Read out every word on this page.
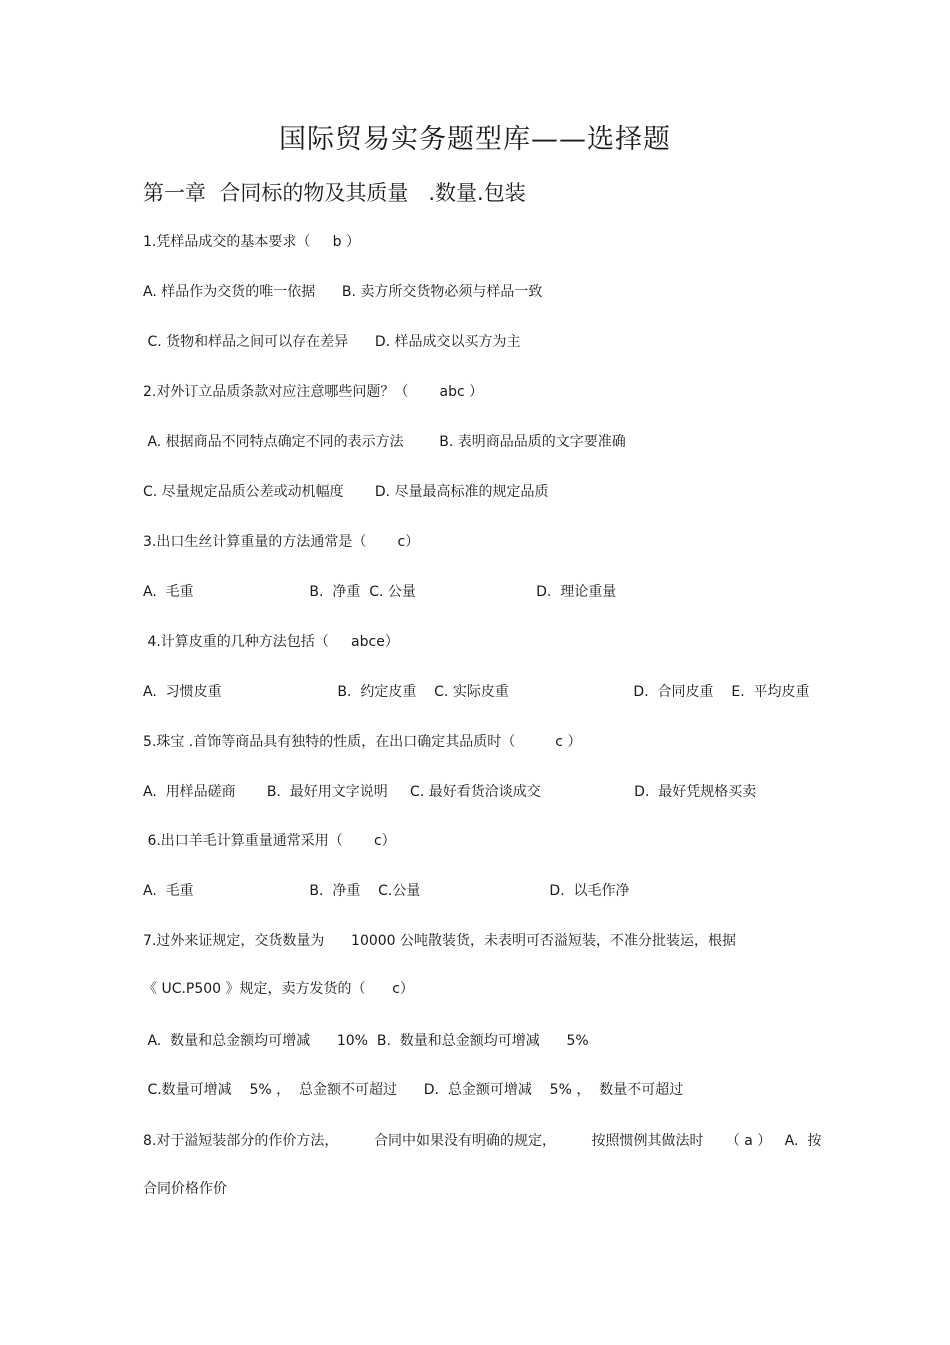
国际贸易实务题型库——选择题
第一章  合同标的物及其质量   .数量.包装
1.凭样品成交的基本要求（     b ）
A. 样品作为交货的唯一依据      B. 卖方所交货物必须与样品一致
C. 货物和样品之间可以存在差异      D. 样品成交以买方为主
2.对外订立品质条款对应注意哪些问题？（       abc ）
A. 根据商品不同特点确定不同的表示方法        B. 表明商品品质的文字要准确
C. 尽量规定品质公差或动机幅度       D. 尽量最高标准的规定品质
3.出口生丝计算重量的方法通常是（       c）
A.  毛重                          B.  净重  C. 公量                           D.  理论重量
4.计算皮重的几种方法包括（     abce）
A.  习惯皮重                          B.  约定皮重    C. 实际皮重                            D.  合同皮重    E.  平均皮重
5.珠宝 .首饰等商品具有独特的性质，在出口确定其品质时（         c ）
A.  用样品磋商       B.  最好用文字说明     C. 最好看货洽谈成交                     D.  最好凭规格买卖
6.出口羊毛计算重量通常采用（       c）
A.  毛重                          B.  净重    C.公量                             D.  以毛作净
7.过外来证规定，交货数量为      10000 公吨散装货，未表明可否溢短装，不准分批装运，根据
《 UC.P500 》规定，卖方发货的（      c）
A.  数量和总金额均可增减      10%  B.  数量和总金额均可增减      5%
C.数量可增减    5% ，  总金额不可超过      D.  总金额可增减    5% ，  数量不可超过
8.对于溢短装部分的作价方法，        合同中如果没有明确的规定，        按照惯例其做法时     （ a ）   A.  按
合同价格作价
